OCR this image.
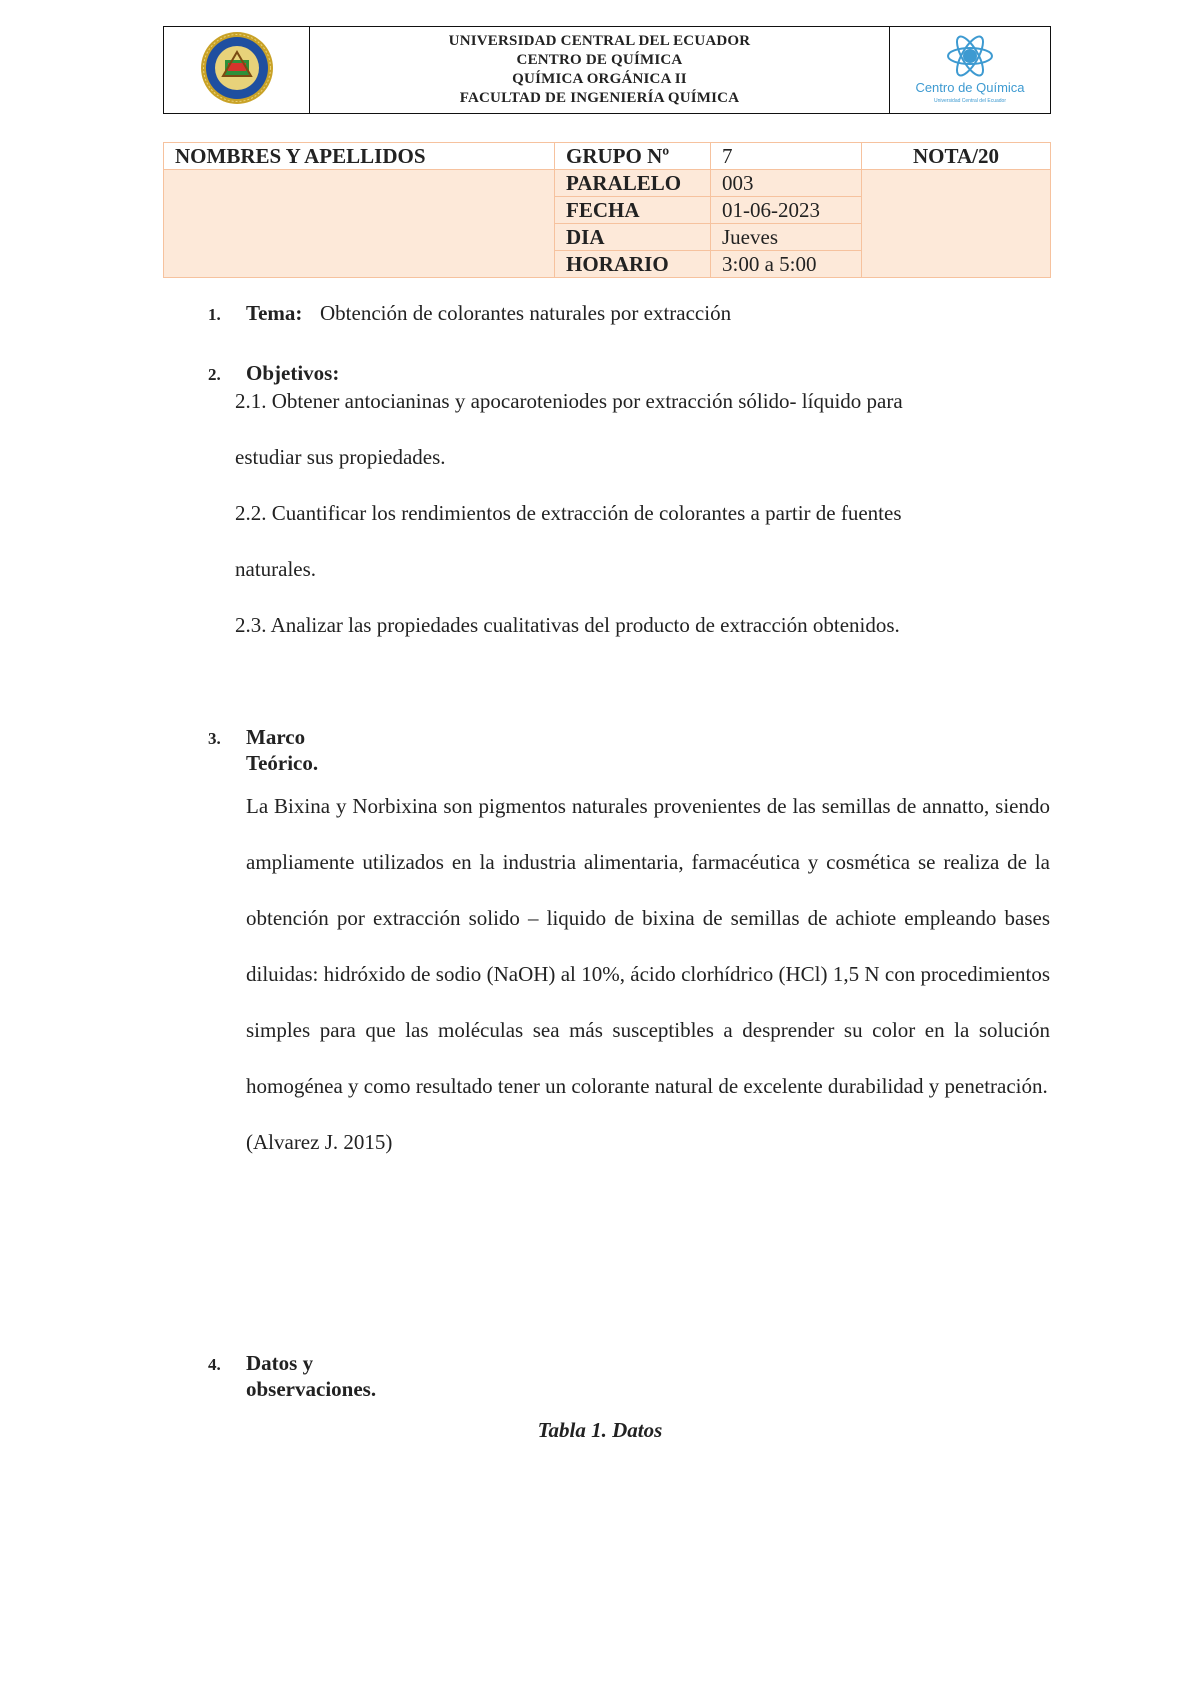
UNIVERSIDAD CENTRAL DEL ECUADOR
CENTRO DE QUÍMICA
QUÍMICA ORGÁNICA II
FACULTAD DE INGENIERÍA QUÍMICA

Centro de Química
Universidad Central del Ecuador
NOMBRES Y APELLIDOS	GRUPO Nº	7	NOTA/20
	PARALELO	003	
	FECHA	01-06-2023	
	DIA	Jueves	
	HORARIO	3:00 a 5:00	
1. Tema: Obtención de colorantes naturales por extracción
2. Objetivos:
2.1. Obtener antocianinas y apocaroteniodes por extracción sólido- líquido para
estudiar sus propiedades.
2.2. Cuantificar los rendimientos de extracción de colorantes a partir de fuentes
naturales.
2.3. Analizar las propiedades cualitativas del producto de extracción obtenidos.
3. Marco Teórico.
La Bixina y Norbixina son pigmentos naturales provenientes de las semillas de annatto, siendo ampliamente utilizados en la industria alimentaria, farmacéutica y cosmética se realiza de la obtención por extracción solido – liquido de bixina de semillas de achiote empleando bases diluidas: hidróxido de sodio (NaOH) al 10%, ácido clorhídrico (HCl) 1,5 N con procedimientos simples para que las moléculas sea más susceptibles a desprender su color en la solución homogénea y como resultado tener un colorante natural de excelente durabilidad y penetración.
(Alvarez J. 2015)
4. Datos y observaciones.
Tabla 1. Datos
